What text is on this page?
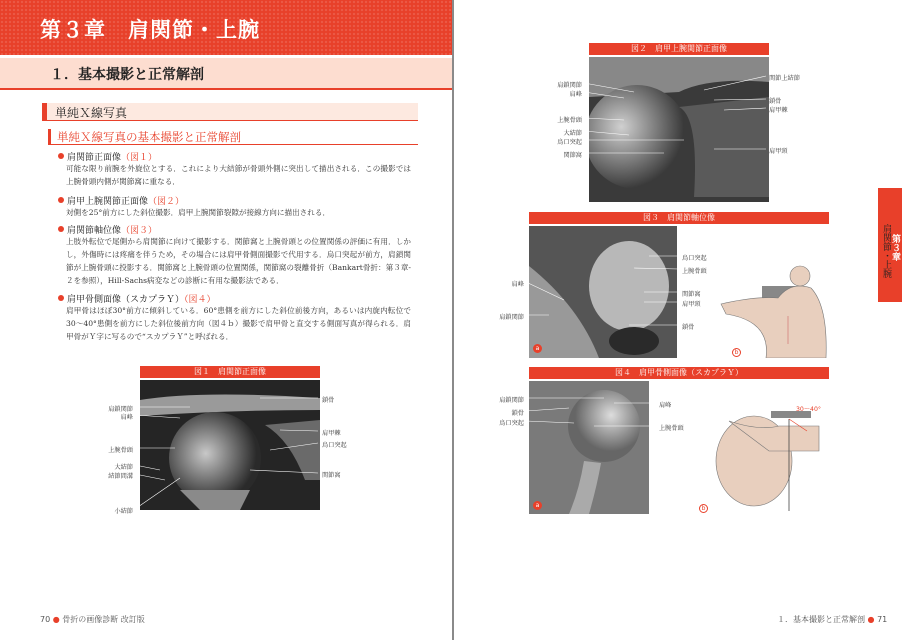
第３章　肩関節・上腕
１．基本撮影と正常解剖
単純Ｘ線写真
単純Ｘ線写真の基本撮影と正常解剖
肩関節正面像（図１）
可能な限り前腕を外旋位とする．これにより大結節が骨頭外側に突出して描出される．この撮影では上腕骨頭内側が関節窩に重なる．
肩甲上腕関節正面像（図２）
対側を25°前方にした斜位撮影．肩甲上腕関節裂隙が接線方向に描出される．
肩関節軸位像（図３）
上肢外転位で尾側から肩関節に向けて撮影する．関節窩と上腕骨頭との位置関係の評価に有用．しかし，外傷時には疼痛を伴うため，その場合には肩甲骨側面撮影で代用する．烏口突起が前方，肩鎖関節が上腕骨頭に投影する．関節窩と上腕骨頭の位置関係，関節窩の裂離骨折（Bankart骨折：第３章-２を参照），Hill-Sachs病変などの診断に有用な撮影法である．
肩甲骨側面像（スカプラＹ）（図４）
肩甲骨はほぼ30°前方に傾斜している．60°患側を前方にした斜位前後方向，あるいは内旋内転位で30～40°患側を前方にした斜位後前方向（図４ｂ）撮影で肩甲骨と直交する側面写真が得られる．肩甲骨がＹ字に写るので“スカプラＹ”と呼ばれる．
図１　肩関節正面像
肩鎖関節
肩峰
上腕骨頭
大結節
結節間溝
小結節
鎖骨
肩甲棘
烏口突起
関節窩
70 ● 骨折の画像診断 改訂版
図２　肩甲上腕関節正面像
肩鎖関節
肩峰
上腕骨頭
大結節
烏口突起
関節窩
関節上結節
鎖骨
肩甲棘
肩甲頸
図３　肩関節軸位像
a
肩峰
肩鎖関節
烏口突起
上腕骨頭
関節窩
肩甲頸
鎖骨
b
図４　肩甲骨側面像（スカプラＹ）
a
肩鎖関節
鎖骨
烏口突起
肩峰
上腕骨頭
30～40°
b
１．基本撮影と正常解剖 ● 71
第３章
肩関節・上腕
